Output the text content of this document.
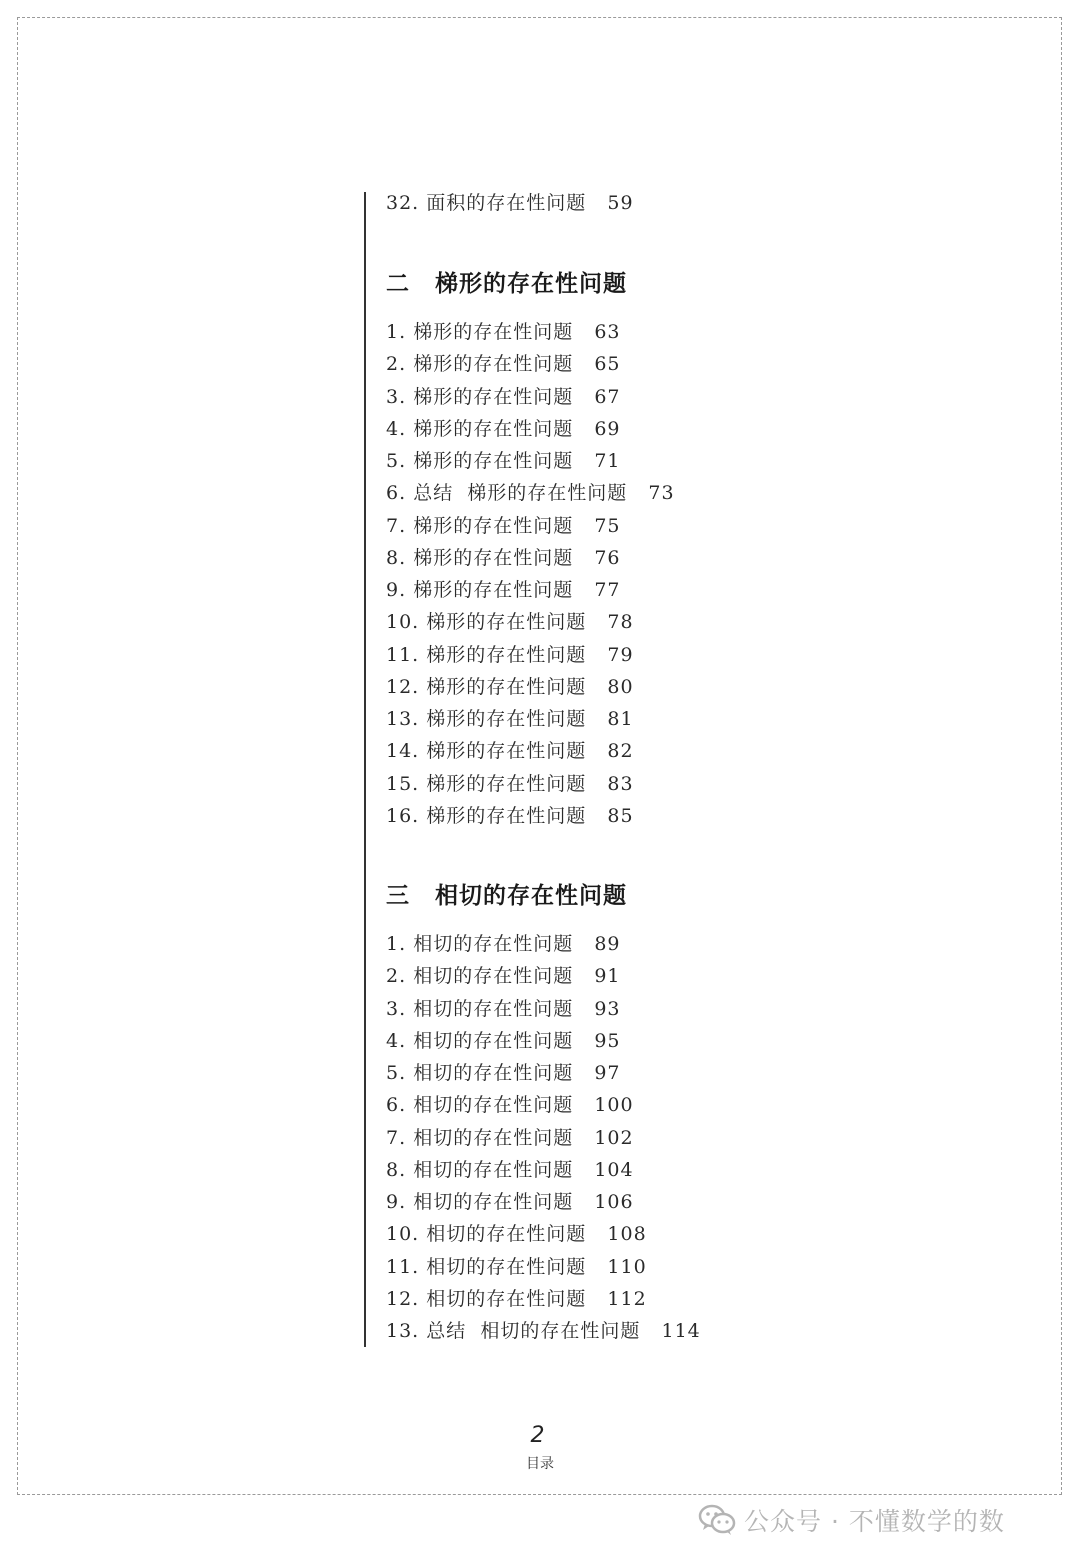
32. 面积的存在性问题 59
二 梯形的存在性问题
1. 梯形的存在性问题 63
2. 梯形的存在性问题 65
3. 梯形的存在性问题 67
4. 梯形的存在性问题 69
5. 梯形的存在性问题 71
6. 总结  梯形的存在性问题 73
7. 梯形的存在性问题 75
8. 梯形的存在性问题 76
9. 梯形的存在性问题 77
10. 梯形的存在性问题 78
11. 梯形的存在性问题 79
12. 梯形的存在性问题 80
13. 梯形的存在性问题 81
14. 梯形的存在性问题 82
15. 梯形的存在性问题 83
16. 梯形的存在性问题 85
三 相切的存在性问题
1. 相切的存在性问题 89
2. 相切的存在性问题 91
3. 相切的存在性问题 93
4. 相切的存在性问题 95
5. 相切的存在性问题 97
6. 相切的存在性问题 100
7. 相切的存在性问题 102
8. 相切的存在性问题 104
9. 相切的存在性问题 106
10. 相切的存在性问题 108
11. 相切的存在性问题 110
12. 相切的存在性问题 112
13. 总结  相切的存在性问题 114
2
目录
公众号 · 不懂数学的数
